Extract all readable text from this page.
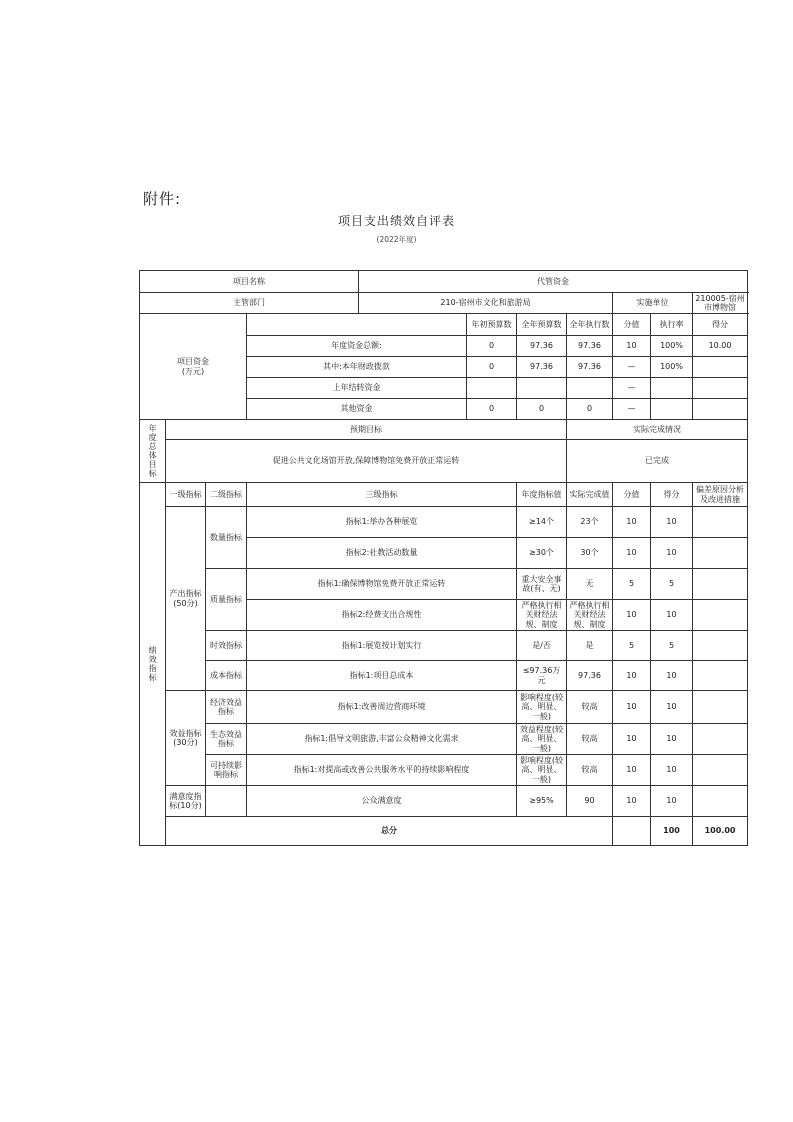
附件:
项目支出绩效自评表
(2022年度)
项目名称				代管资金							
主管部门				210-宿州市文化和旅游局				实施单位		210005-宿州市博物馆	
项目资金
(万元)					年初预算数	全年预算数	全年执行数	分值	执行率	得分	
			年度资金总额:		0	97.36	97.36	10	100%	10.00	
			其中:本年财政拨款		0	97.36	97.36	—	100%		
			上年结转资金					—			
			其他资金		0	0	0	—			
年度总体目标	预期目标						实际完成情况				
	促进公共文化场馆开放,保障博物馆免费开放正常运转						已完成				
绩效指标	一级指标	二级指标	三级指标			年度指标值	实际完成值	分值	得分	偏差原因分析及改进措施	
	产出指标
(50分)	数量指标	指标1:举办各种展览			≥14个	23个	10	10		
			指标2:社教活动数量			≥30个	30个	10	10		
		质量指标	指标1:确保博物馆免费开放正常运转			重大安全事故(有、无)	无	5	5		
			指标2:经费支出合规性			严格执行相关财经法规、制度	严格执行相关财经法规、制度	10	10		
		时效指标	指标1:展览按计划实行			是/否	是	5	5		
		成本指标	指标1:项目总成本			≤97.36万元	97.36	10	10		
	效益指标
(30分)	经济效益指标	指标1:改善周边营商环境			影响程度(较高、明显、一般)	较高	10	10		
		生态效益指标	指标1:倡导文明旅游,丰富公众精神文化需求			效益程度(较高、明显、一般)	较高	10	10		
		可持续影响指标	指标1:对提高或改善公共服务水平的持续影响程度			影响程度(较高、明显、一般)	较高	10	10		
	满意度指标(10分)		公众满意度			≥95%	90	10	10		
	总分								100	100.00	
